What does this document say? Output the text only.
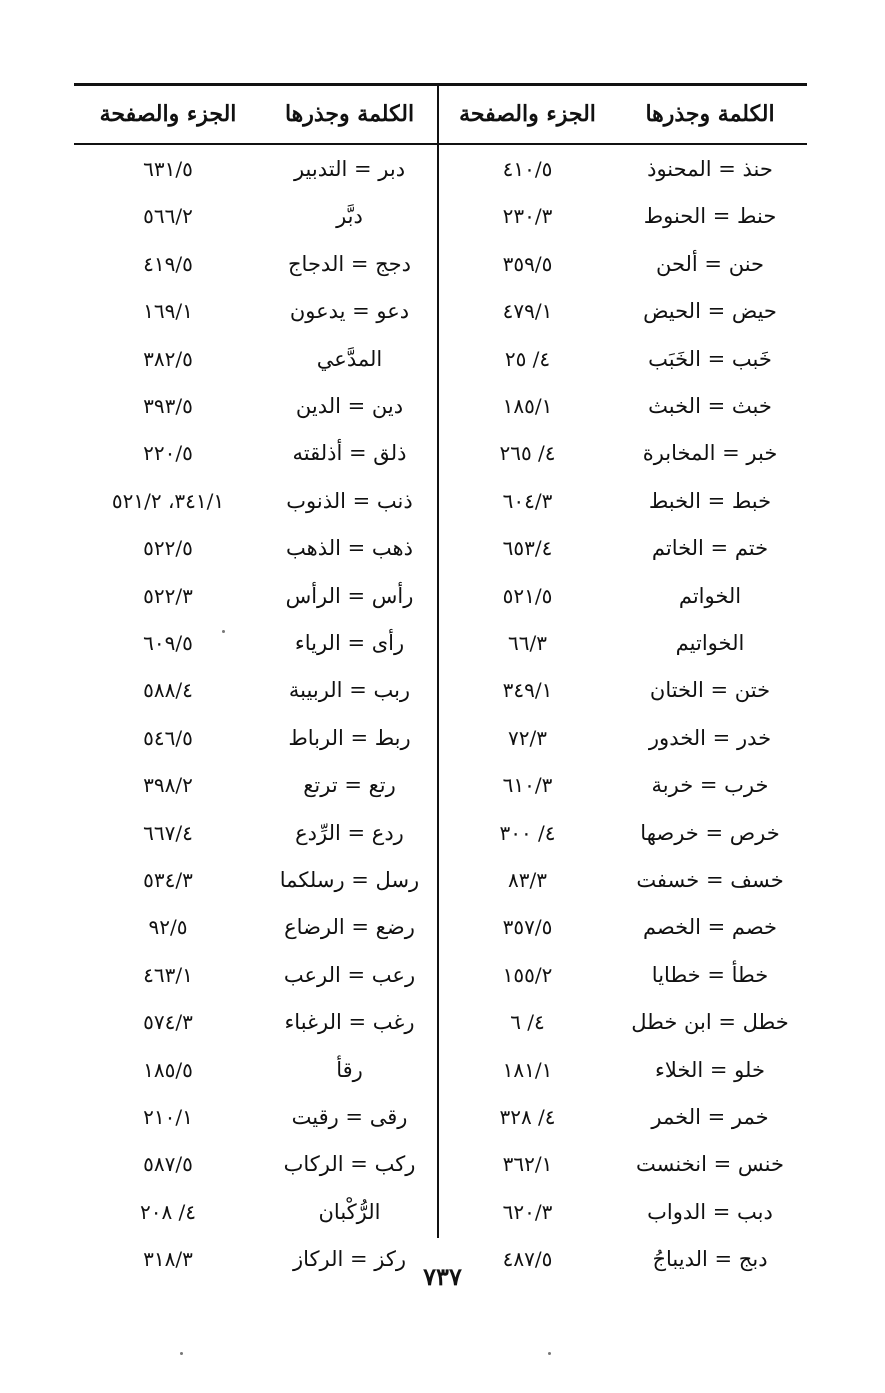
الكلمة وجذرها
الجزء والصفحة
الكلمة وجذرها
الجزء والصفحة
حنذ = المحنوذ
٤١٠/٥
دبر = التدبير
٦٣١/٥
حنط = الحنوط
٢٣٠/٣
دبَّر
٥٦٦/٢
حنن = ألحن
٣٥٩/٥
دجج = الدجاج
٤١٩/٥
حيض = الحيض
٤٧٩/١
دعو = يدعون
١٦٩/١
خَبب = الخَبَب
٤/ ٢٥
المدَّعي
٣٨٢/٥
خبث = الخبث
١٨٥/١
دين = الدين
٣٩٣/٥
خبر = المخابرة
٤/ ٢٦٥
ذلق = أذلقته
٢٢٠/٥
خبط = الخبط
٦٠٤/٣
ذنب = الذنوب
٣٤١/١، ٥٢١/٢
ختم = الخاتم
٦٥٣/٤
ذهب = الذهب
٥٢٢/٥
الخواتم
٥٢١/٥
رأس = الرأس
٥٢٢/٣
الخواتيم
٦٦/٣
رأى = الرياء
٦٠٩/٥
ختن = الختان
٣٤٩/١
ربب = الربيبة
٥٨٨/٤
خدر = الخدور
٧٢/٣
ربط = الرباط
٥٤٦/٥
خرب = خربة
٦١٠/٣
رتع = ترتع
٣٩٨/٢
خرص = خرصها
٤/ ٣٠٠
ردع = الرِّدع
٦٦٧/٤
خسف = خسفت
٨٣/٣
رسل = رسلكما
٥٣٤/٣
خصم = الخصم
٣٥٧/٥
رضع = الرضاع
٩٢/٥
خطأ = خطايا
١٥٥/٢
رعب = الرعب
٤٦٣/١
خطل = ابن خطل
٤/ ٦
رغب = الرغباء
٥٧٤/٣
خلو = الخلاء
١٨١/١
رقأ
١٨٥/٥
خمر = الخمر
٤/ ٣٢٨
رقى = رقيت
٢١٠/١
خنس = انخنست
٣٦٢/١
ركب = الركاب
٥٨٧/٥
دبب = الدواب
٦٢٠/٣
الرُّكْبان
٤/ ٢٠٨
دبج = الديباجُ
٤٨٧/٥
ركز = الركاز
٣١٨/٣
٧٣٧
